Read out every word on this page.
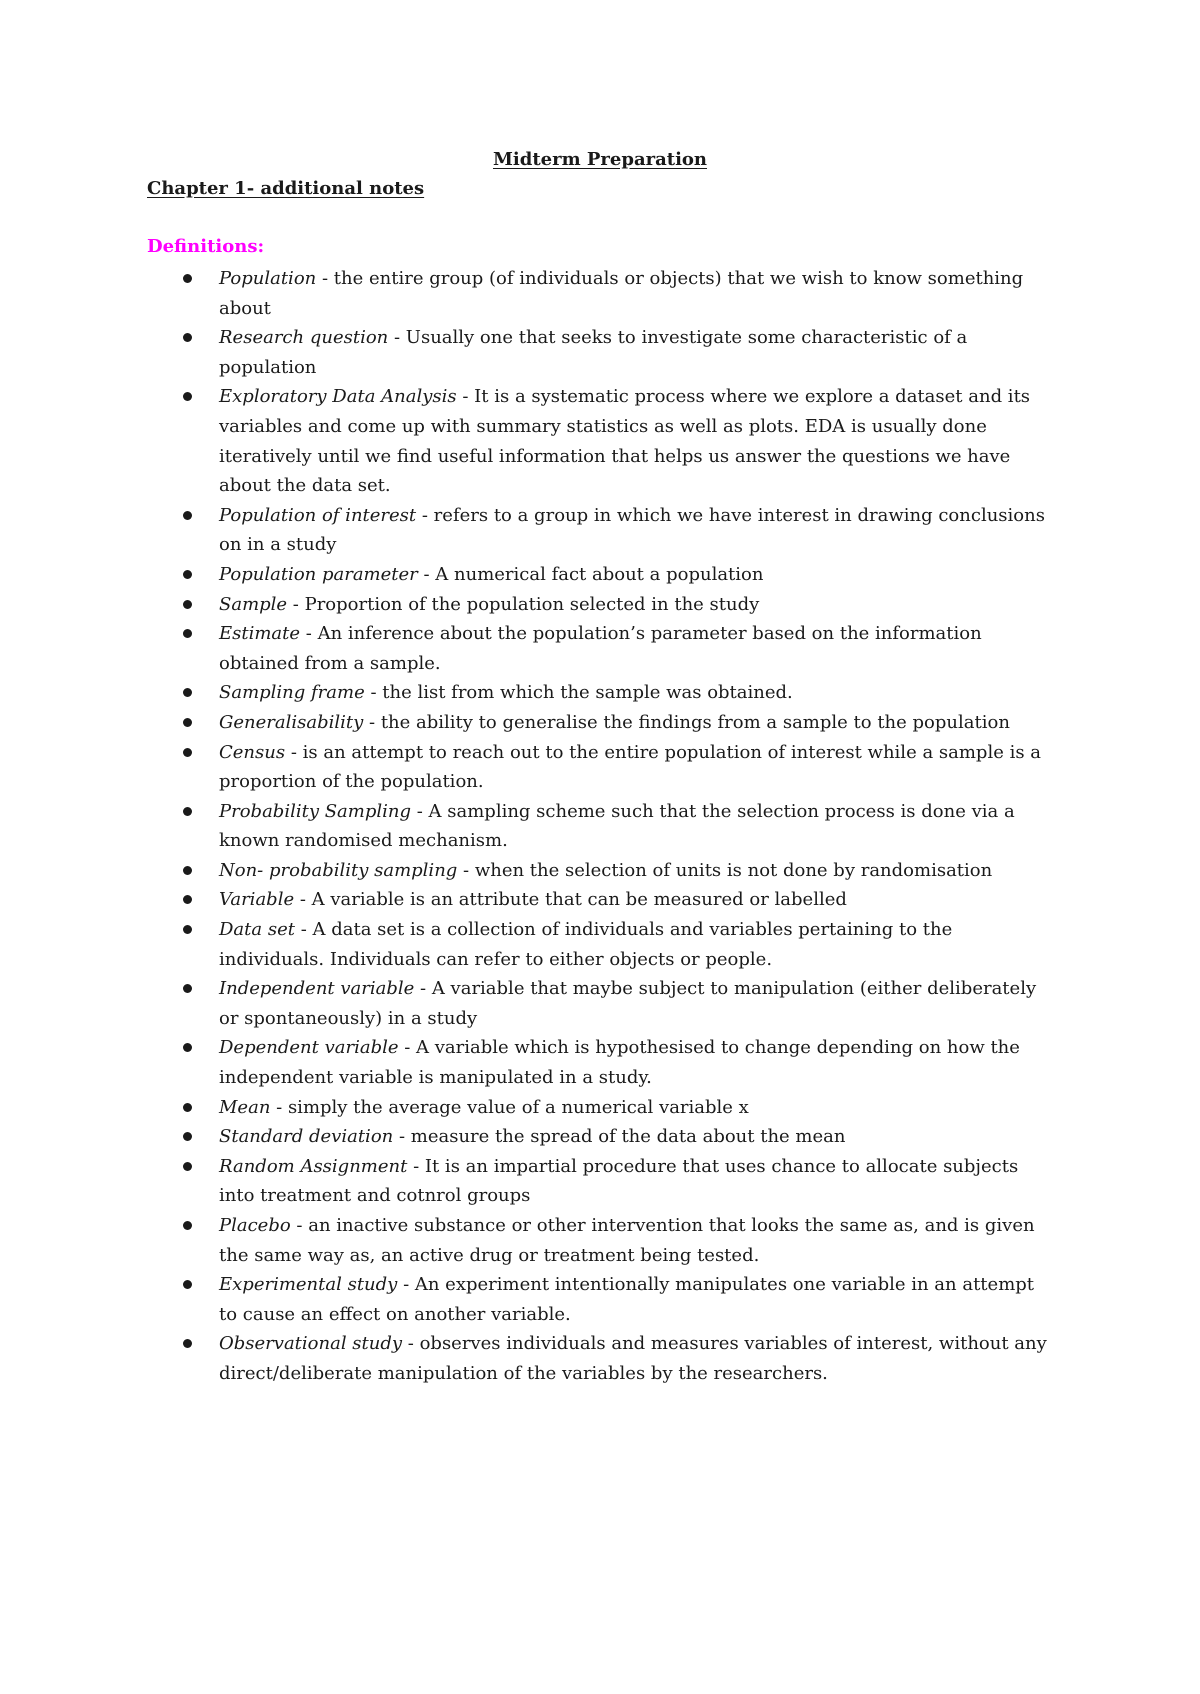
Midterm Preparation
Chapter 1- additional notes
Definitions:
Population - the entire group (of individuals or objects) that we wish to know something about
Research question - Usually one that seeks to investigate some characteristic of a population
Exploratory Data Analysis - It is a systematic process where we explore a dataset and its variables and come up with summary statistics as well as plots. EDA is usually done iteratively until we find useful information that helps us answer the questions we have about the data set.
Population of interest - refers to a group in which we have interest in drawing conclusions on in a study
Population parameter - A numerical fact about a population
Sample - Proportion of the population selected in the study
Estimate - An inference about the population’s parameter based on the information obtained from a sample.
Sampling frame - the list from which the sample was obtained.
Generalisability - the ability to generalise the findings from a sample to the population
Census - is an attempt to reach out to the entire population of interest while a sample is a proportion of the population.
Probability Sampling - A sampling scheme such that the selection process is done via a known randomised mechanism.
Non- probability sampling - when the selection of units is not done by randomisation
Variable - A variable is an attribute that can be measured or labelled
Data set - A data set is a collection of individuals and variables pertaining to the individuals. Individuals can refer to either objects or people.
Independent variable - A variable that maybe subject to manipulation (either deliberately or spontaneously) in a study
Dependent variable - A variable which is hypothesised to change depending on how the independent variable is manipulated in a study.
Mean - simply the average value of a numerical variable x
Standard deviation - measure the spread of the data about the mean
Random Assignment - It is an impartial procedure that uses chance to allocate subjects into treatment and cotnrol groups
Placebo - an inactive substance or other intervention that looks the same as, and is given the same way as, an active drug or treatment being tested.
Experimental study - An experiment intentionally manipulates one variable in an attempt to cause an effect on another variable.
Observational study - observes individuals and measures variables of interest, without any direct/deliberate manipulation of the variables by the researchers.
